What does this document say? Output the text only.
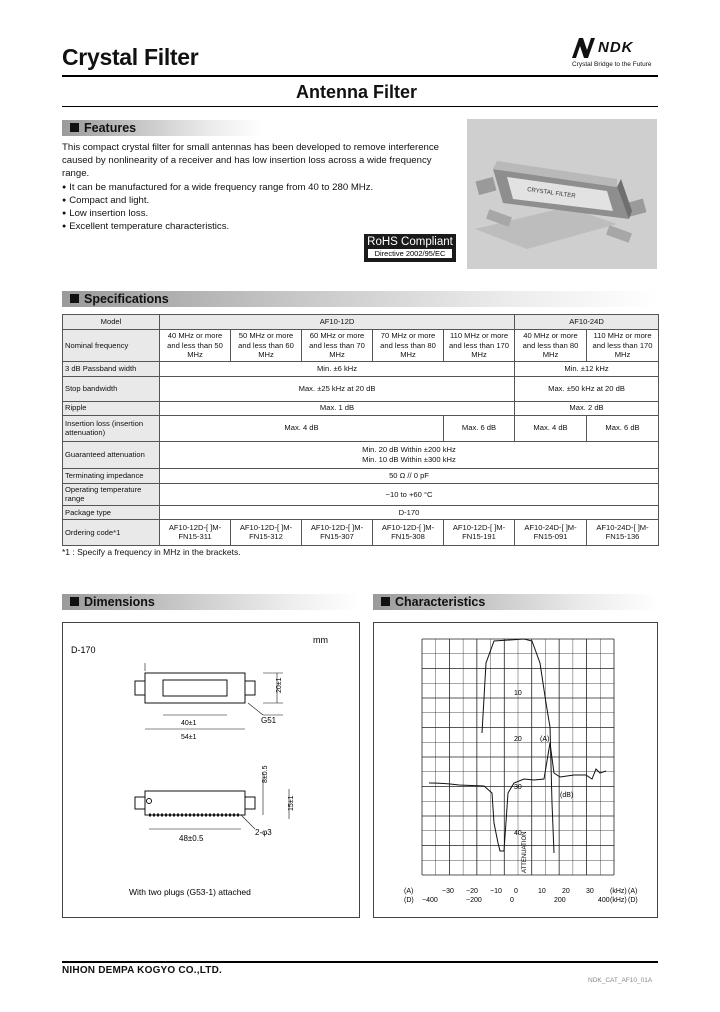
Crystal Filter	NDK
Crystal Bridge to the Future
Antenna Filter
Features
This compact crystal filter for small antennas has been developed to remove interference caused by nonlinearity of a receiver and has low insertion loss across a wide frequency range.
● It can be manufactured for a wide frequency range from 40 to 280 MHz.
● Compact and light.
● Low insertion loss.
● Excellent temperature characteristics.
CRYSTAL FILTER
RoHS Compliant
Directive 2002/95/EC
Specifications
Model	AF10-12D					AF10-24D	
Nominal frequency	40 MHz or more and less than 50 MHz	50 MHz or more and less than 60 MHz	60 MHz or more and less than 70 MHz	70 MHz or more and less than 80 MHz	110 MHz or more and less than 170 MHz	40 MHz or more and less than 80 MHz	110 MHz or more and less than 170 MHz
3 dB Passband width	Min. ±6 kHz					Min. ±12 kHz	
Stop bandwidth	Max. ±25 kHz at 20 dB					Max. ±50 kHz at 20 dB	
Ripple	Max. 1 dB					Max. 2 dB	
Insertion loss (insertion attenuation)	Max. 4 dB				Max. 6 dB	Max. 4 dB	Max. 6 dB
Guaranteed attenuation	Min. 20 dB Within ±200 kHz
Min. 10 dB Within ±300 kHz						

Terminating impedance	50 Ω // 0 pF						
Operating temperature range	−10 to +60 °C						
Package type	D-170						
Ordering code*1	AF10-12D-[ ]M-FN15-311	AF10-12D-[ ]M-FN15-312	AF10-12D-[ ]M-FN15-307	AF10-12D-[ ]M-FN15-308	AF10-12D-[ ]M-FN15-191	AF10-24D-[ ]M-FN15-091	AF10-24D-[ ]M-FN15-136
*1 : Specify a frequency in MHz in the brackets.
Dimensions
mm
D-170
20±1
40±1
54±1
G51
8±0.5
15±1
48±0.5
2-φ3
With two plugs (G53-1) attached
Characteristics
10
20
30
40
(A)
(dB)
ATTENUATION
(A)	−30 −20 −10 0	10 20 30 (kHz) (A)
(D) −400	−200	0	200	400 (kHz) (D)
NIHON DEMPA KOGYO CO.,LTD.
NDK_CAT_AF10_01A
